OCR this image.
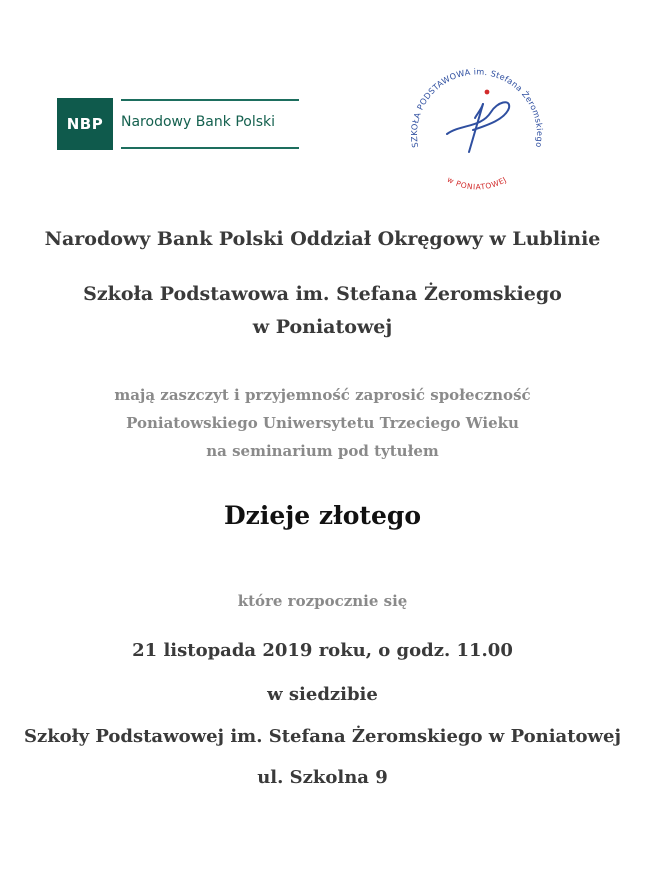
NBP	Narodowy Bank Polski
SZKOŁA PODSTAWOWA im. Stefana Żeromskiego
w PONIATOWEJ
Narodowy Bank Polski Oddział Okręgowy w Lublinie
Szkoła Podstawowa im. Stefana Żeromskiego
w Poniatowej
mają zaszczyt i przyjemność zaprosić społeczność
Poniatowskiego Uniwersytetu Trzeciego Wieku
na seminarium pod tytułem
Dzieje złotego
które rozpocznie się
21 listopada 2019 roku, o godz. 11.00
w siedzibie
Szkoły Podstawowej im. Stefana Żeromskiego w Poniatowej
ul. Szkolna 9
